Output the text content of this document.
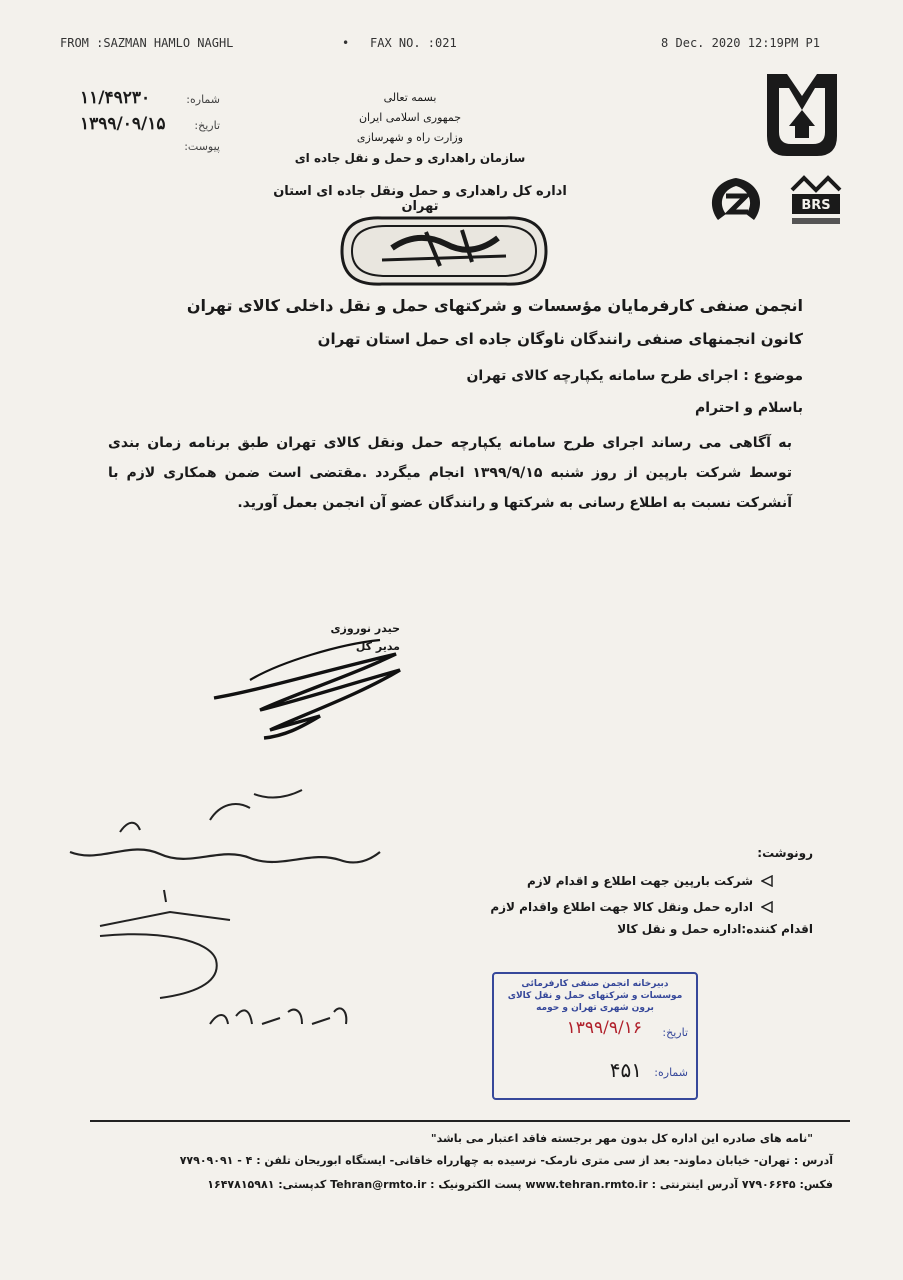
FROM :SAZMAN HAMLO NAGHL	• FAX NO. :021	8 Dec. 2020 12:19PM P1
شماره:
۱۱/۴۹۲۳۰
تاریخ:
۱۳۹۹/۰۹/۱۵
پیوست:
بسمه تعالی
جمهوری اسلامی ایران
وزارت راه و شهرسازی
سازمان راهداری و حمل و نقل جاده ای
اداره کل راهداری و حمل ونقل جاده ای استان تهران	BRS
انجمن صنفی کارفرمایان مؤسسات و شرکتهای حمل و نقل داخلی کالای تهران
کانون انجمنهای صنفی رانندگان ناوگان جاده ای حمل استان تهران
موضوع : اجرای طرح سامانه یکپارچه کالای تهران
باسلام و احترام
به آگاهی می رساند اجرای طرح سامانه یکپارچه حمل ونقل کالای تهران طبق برنامه زمان بندی توسط شرکت بارپین از روز شنبه ۱۳۹۹/۹/۱۵ انجام میگردد .مقتضی است ضمن همکاری لازم با آنشرکت نسبت به اطلاع رسانی به شرکتها و رانندگان عضو آن انجمن بعمل آورید.
حیدر نوروزی
مدیر کل
رونوشت:
شرکت بارپین جهت اطلاع و اقدام لازم
اداره حمل ونقل کالا جهت اطلاع واقدام لازم
اقدام کننده:اداره حمل و نقل کالا
دبیرخانه انجمن صنفی کارفرمائی موسسات و شرکتهای حمل و نقل کالای برون شهری تهران و حومه
تاریخ:
۱۳۹۹/۹/۱۶
شماره:
۴۵۱
"نامه های صادره این اداره کل بدون مهر برجسته فاقد اعتبار می باشد"
آدرس : تهران- خیابان دماوند- بعد از سی متری نارمک- نرسیده به چهارراه خاقانی- ایستگاه ابوریحان تلفن : ۴ - ۷۷۹۰۹۰۹۱
فکس: ۷۷۹۰۶۶۴۵ آدرس اینترنتی : www.tehran.rmto.ir پست الکترونیک : Tehran@rmto.ir کدپستی: ۱۶۴۷۸۱۵۹۸۱
